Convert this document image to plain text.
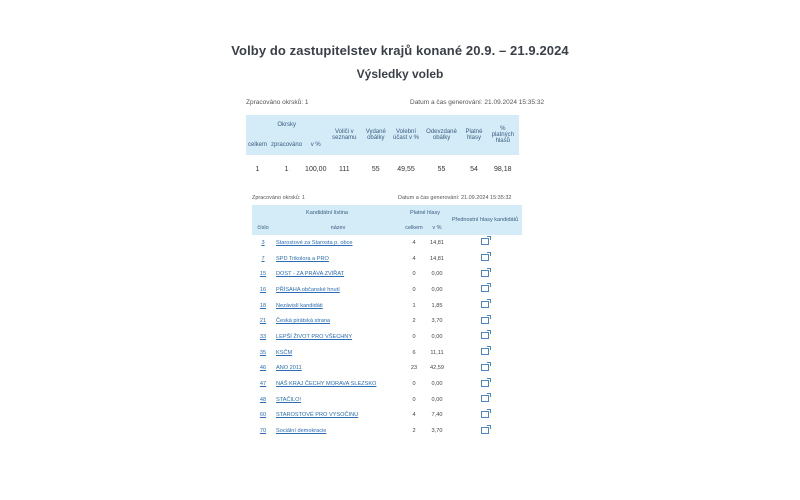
Volby do zastupitelstev krajů konané 20.9. – 21.9.2024
Výsledky voleb
Zpracováno okrsků: 1	Datum a čas generování: 21.09.2024 15:35:32
Okrsky			Voliči v seznamu	Vydané obálky	Volební účast v %	Odevzdané obálky	Platné hlasy	% platných hlasů
celkem	zpracováno	v %						
1	1	100,00	111	55	49,55	55	54	98,18
Zpracováno okrsků: 1	Datum a čas generování: 21.09.2024 15:35:32
Kandidátní listina		Platné hlasy		Přednostní hlasy kandidátů
číslo	název	celkem	v %	
3	Starostové za Starosta p. obce	4	14,81	
7	SPD Trikolora a PRO	4	14,81	
15	DOST - ZA PRÁVA ZVÍŘAT	0	0,00	
16	PŘÍSAHA občanské hnutí	0	0,00	
18	Nezávislí kandidáti	1	1,85	
21	Česká pirátská strana	2	3,70	
33	LEPŠÍ ŽIVOT PRO VŠECHNY	0	0,00	
35	KSČM	6	11,11	
46	ANO 2011	23	42,59	
47	NÁŠ KRAJ ČECHY MORAVA SLEZSKO	0	0,00	
48	STAČILO!	0	0,00	
60	STAROSTOVÉ PRO VYSOČINU	4	7,40	
70	Sociální demokracie	2	3,70	
